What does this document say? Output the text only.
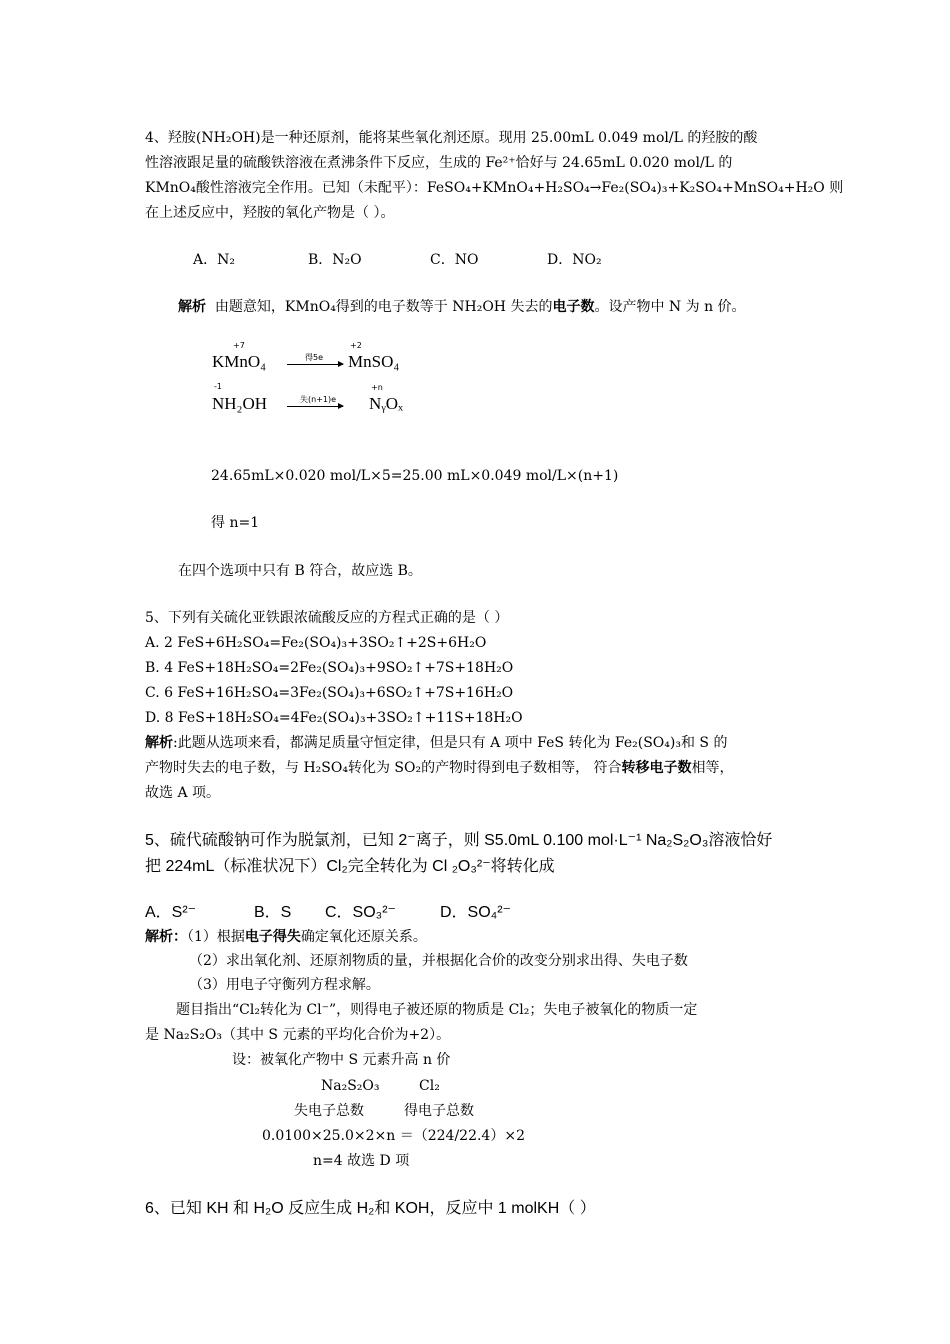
4、羟胺(NH₂OH)是一种还原剂，能将某些氧化剂还原。现用 25.00mL 0.049 mol/L 的羟胺的酸
性溶液跟足量的硫酸铁溶液在煮沸条件下反应，生成的 Fe²⁺恰好与 24.65mL 0.020 mol/L 的
KMnO₄酸性溶液完全作用。已知（未配平）：FeSO₄+KMnO₄+H₂SO₄→Fe₂(SO₄)₃+K₂SO₄+MnSO₄+H₂O 则
在上述反应中，羟胺的氧化产物是（ ）。
A．N₂	B．N₂O	C．NO	D．NO₂
解析 由题意知，KMnO₄得到的电子数等于 NH₂OH 失去的电子数。设产物中 N 为 n 价。
+7
KMnO₄	得5e
+2
MnSO₄
-1
NH₂OH	失(n+1)e
+n
NᵧOₓ
24.65mL×0.020 mol/L×5=25.00 mL×0.049 mol/L×(n+1)
得 n=1
在四个选项中只有 B 符合，故应选 B。
5、下列有关硫化亚铁跟浓硫酸反应的方程式正确的是（ ）
A. 2 FeS+6H₂SO₄=Fe₂(SO₄)₃+3SO₂↑+2S+6H₂O
B. 4 FeS+18H₂SO₄=2Fe₂(SO₄)₃+9SO₂↑+7S+18H₂O
C. 6 FeS+16H₂SO₄=3Fe₂(SO₄)₃+6SO₂↑+7S+16H₂O
D. 8 FeS+18H₂SO₄=4Fe₂(SO₄)₃+3SO₂↑+11S+18H₂O
解析:此题从选项来看，都满足质量守恒定律，但是只有 A 项中 FeS 转化为 Fe₂(SO₄)₃和 S 的
产物时失去的电子数，与 H₂SO₄转化为 SO₂的产物时得到电子数相等， 符合转移电子数相等，
故选 A 项。
5、硫代硫酸钠可作为脱氯剂，已知 2⁻离子，则 S5.0mL 0.100 mol·L⁻¹ Na₂S₂O₃溶液恰好
把 224mL（标准状况下）Cl₂完全转化为 Cl ₂O₃²⁻将转化成
A．S²⁻	B．S C．SO₃²⁻	D．SO₄²⁻
解析：（1）根据电子得失确定氧化还原关系。
（2）求出氧化剂、还原剂物质的量，并根据化合价的改变分别求出得、失电子数
（3）用电子守衡列方程求解。
题目指出“Cl₂转化为 Cl⁻”，则得电子被还原的物质是 Cl₂；失电子被氧化的物质一定
是 Na₂S₂O₃（其中 S 元素的平均化合价为+2）。
设：被氧化产物中 S 元素升高 n 价
Na₂S₂O₃	Cl₂
失电子总数	得电子总数
0.0100×25.0×2×n ＝（224/22.4）×2
n=4 故选 D 项
6、已知 KH 和 H₂O 反应生成 H₂和 KOH，反应中 1 molKH（ ）
